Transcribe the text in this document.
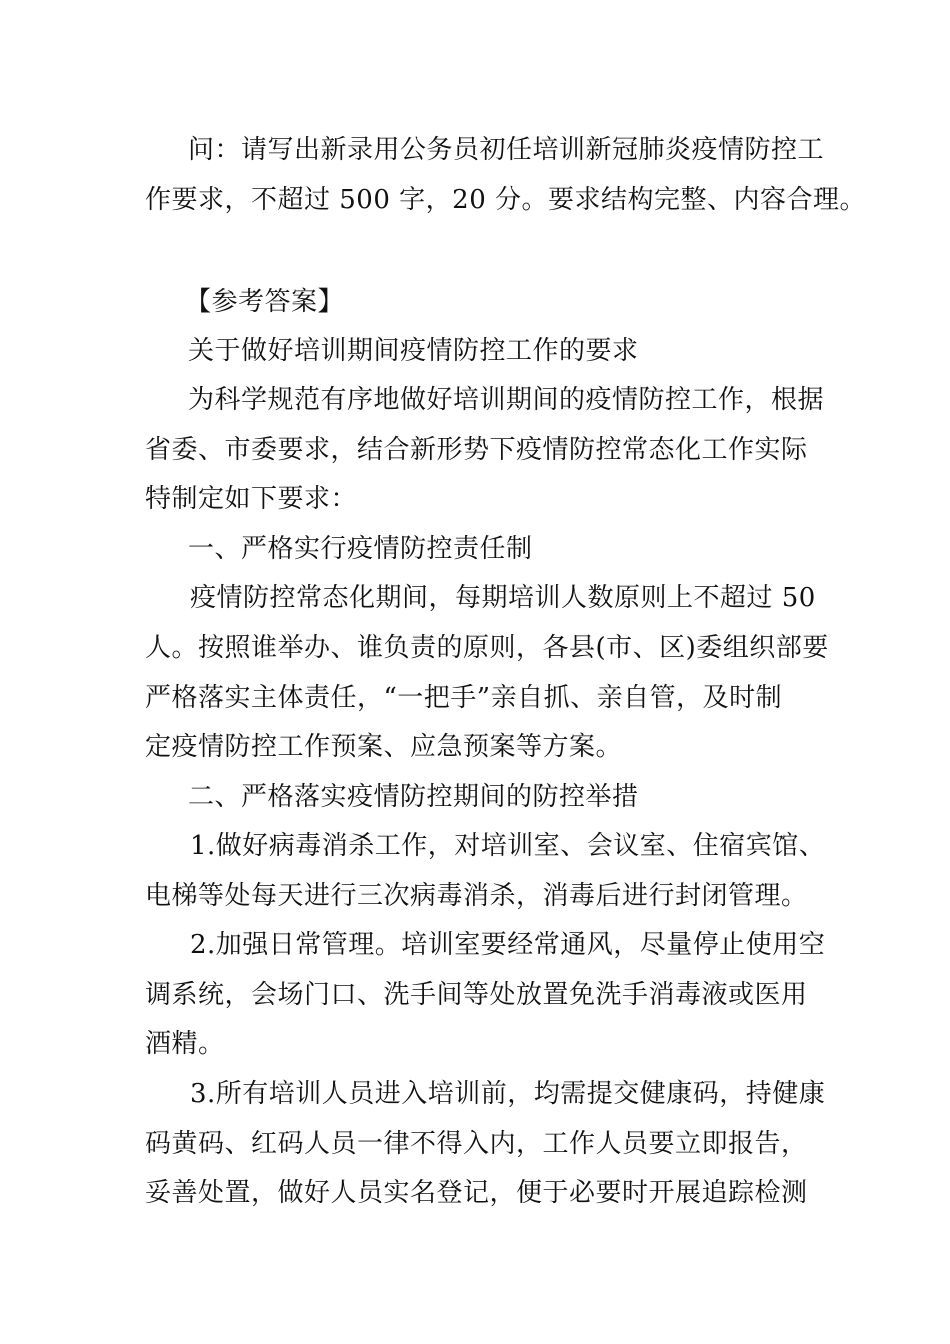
问：请写出新录用公务员初任培训新冠肺炎疫情防控工
作要求，不超过 500 字，20 分。要求结构完整、内容合理。
【参考答案】
关于做好培训期间疫情防控工作的要求
为科学规范有序地做好培训期间的疫情防控工作，根据
省委、市委要求，结合新形势下疫情防控常态化工作实际
特制定如下要求：
一、严格实行疫情防控责任制
疫情防控常态化期间，每期培训人数原则上不超过 50
人。按照谁举办、谁负责的原则，各县(市、区)委组织部要
严格落实主体责任，“一把手”亲自抓、亲自管，及时制
定疫情防控工作预案、应急预案等方案。
二、严格落实疫情防控期间的防控举措
1.做好病毒消杀工作，对培训室、会议室、住宿宾馆、
电梯等处每天进行三次病毒消杀，消毒后进行封闭管理。
2.加强日常管理。培训室要经常通风，尽量停止使用空
调系统，会场门口、洗手间等处放置免洗手消毒液或医用
酒精。
3.所有培训人员进入培训前，均需提交健康码，持健康
码黄码、红码人员一律不得入内，工作人员要立即报告，
妥善处置，做好人员实名登记，便于必要时开展追踪检测
